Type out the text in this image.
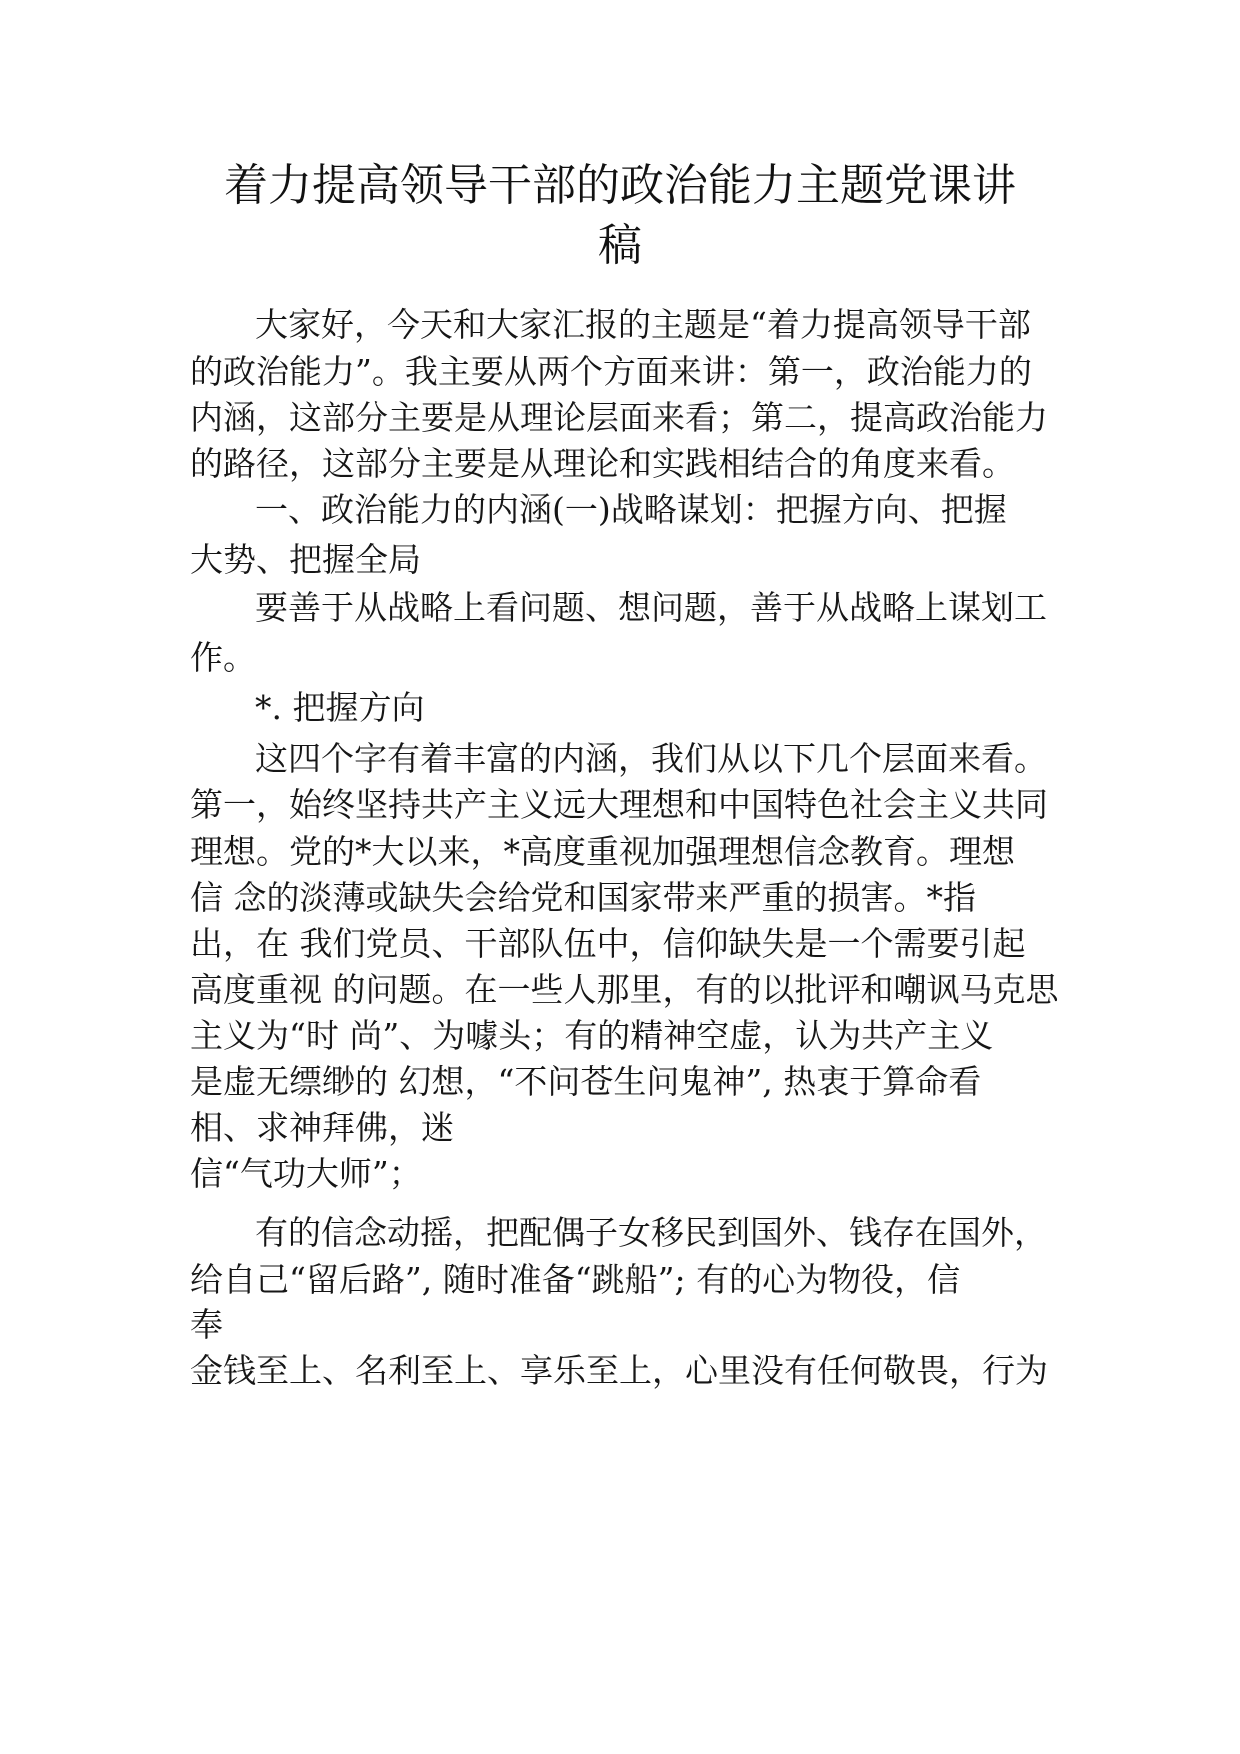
着力提高领导干部的政治能力主题党课讲
稿
大家好，今天和大家汇报的主题是“着力提高领导干部
的政治能力”。我主要从两个方面来讲：第一，政治能力的
内涵，这部分主要是从理论层面来看；第二，提高政治能力
的路径，这部分主要是从理论和实践相结合的角度来看。
一、政治能力的内涵(一)战略谋划：把握方向、把握
大势、把握全局
要善于从战略上看问题、想问题，善于从战略上谋划工
作。
*. 把握方向
这四个字有着丰富的内涵，我们从以下几个层面来看。
第一，始终坚持共产主义远大理想和中国特色社会主义共同
理想。党的*大以来，*高度重视加强理想信念教育。理想
信 念的淡薄或缺失会给党和国家带来严重的损害。*指
出，在 我们党员、干部队伍中，信仰缺失是一个需要引起
高度重视 的问题。在一些人那里，有的以批评和嘲讽马克思
主义为“时 尚”、为噱头；有的精神空虚，认为共产主义
是虚无缥缈的 幻想，“不问苍生问鬼神”, 热衷于算命看
相、求神拜佛，迷
信“气功大师”；
有的信念动摇，把配偶子女移民到国外、钱存在国外，
给自己“留后路”, 随时准备“跳船”; 有的心为物役，信
奉
金钱至上、名利至上、享乐至上，心里没有任何敬畏，行为
